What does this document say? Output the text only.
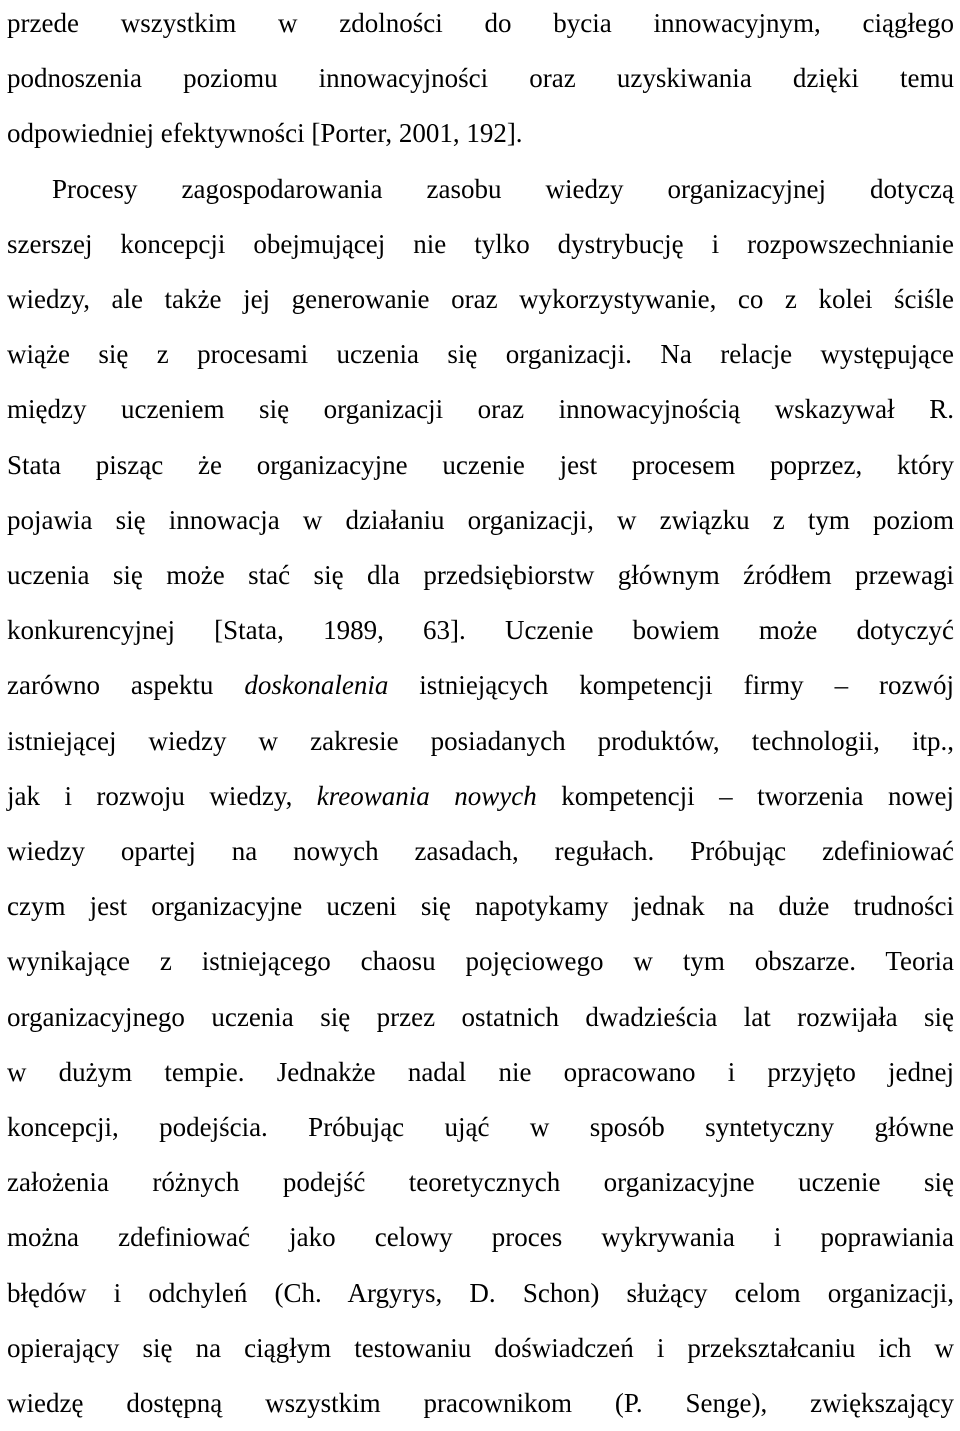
przede wszystkim w zdolności do bycia innowacyjnym, ciągłego

podnoszenia poziomu innowacyjności oraz uzyskiwania dzięki temu

odpowiedniej efektywności [Porter, 2001, 192].

Procesy zagospodarowania zasobu wiedzy organizacyjnej dotyczą

szerszej koncepcji obejmującej nie tylko dystrybucję i rozpowszechnianie

wiedzy, ale także jej generowanie oraz wykorzystywanie, co z kolei ściśle

wiąże się z procesami uczenia się organizacji. Na relacje występujące

między uczeniem się organizacji oraz innowacyjnością wskazywał R.

Stata pisząc że organizacyjne uczenie jest procesem poprzez, który

pojawia się innowacja w działaniu organizacji, w związku z tym poziom

uczenia się może stać się dla przedsiębiorstw głównym źródłem przewagi

konkurencyjnej [Stata, 1989, 63]. Uczenie bowiem może dotyczyć

zarówno aspektu doskonalenia istniejących kompetencji firmy – rozwój

istniejącej wiedzy w zakresie posiadanych produktów, technologii, itp.,

jak i rozwoju wiedzy, kreowania nowych kompetencji – tworzenia nowej

wiedzy opartej na nowych zasadach, regułach. Próbując zdefiniować

czym jest organizacyjne uczeni się napotykamy jednak na duże trudności

wynikające z istniejącego chaosu pojęciowego w tym obszarze. Teoria

organizacyjnego uczenia się przez ostatnich dwadzieścia lat rozwijała się

w dużym tempie. Jednakże nadal nie opracowano i przyjęto jednej

koncepcji, podejścia. Próbując ująć w sposób syntetyczny główne

założenia różnych podejść teoretycznych organizacyjne uczenie się

można zdefiniować jako celowy proces wykrywania i poprawiania

błędów i odchyleń (Ch. Argyrys, D. Schon) służący celom organizacji,

opierający się na ciągłym testowaniu doświadczeń i przekształcaniu ich w

wiedzę dostępną wszystkim pracownikom (P. Senge), zwiększający
